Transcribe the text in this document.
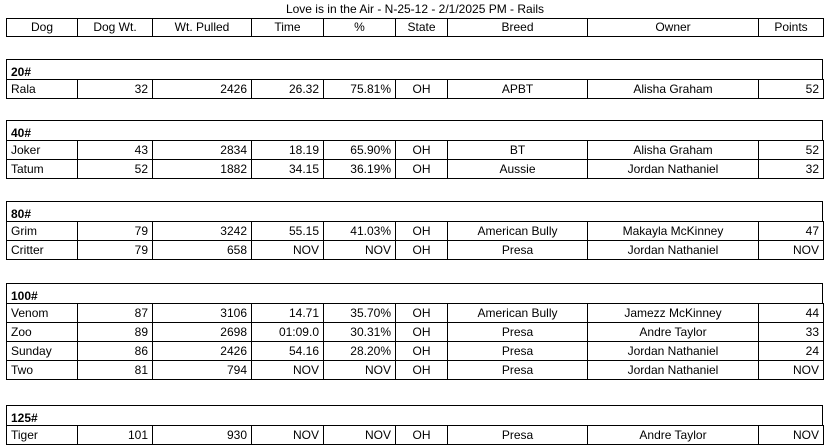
Love is in the Air - N-25-12 - 2/1/2025 PM - Rails
Dog	Dog Wt.	Wt. Pulled	Time	%	State	Breed	Owner	Points
20#
Rala	32	2426	26.32	75.81%	OH	APBT	Alisha Graham	52
40#
Joker	43	2834	18.19	65.90%	OH	BT	Alisha Graham	52
Tatum	52	1882	34.15	36.19%	OH	Aussie	Jordan Nathaniel	32
80#
Grim	79	3242	55.15	41.03%	OH	American Bully	Makayla McKinney	47
Critter	79	658	NOV	NOV	OH	Presa	Jordan Nathaniel	NOV
100#
Venom	87	3106	14.71	35.70%	OH	American Bully	Jamezz McKinney	44
Zoo	89	2698	01:09.0	30.31%	OH	Presa	Andre Taylor	33
Sunday	86	2426	54.16	28.20%	OH	Presa	Jordan Nathaniel	24
Two	81	794	NOV	NOV	OH	Presa	Jordan Nathaniel	NOV
125#
Tiger	101	930	NOV	NOV	OH	Presa	Andre Taylor	NOV
